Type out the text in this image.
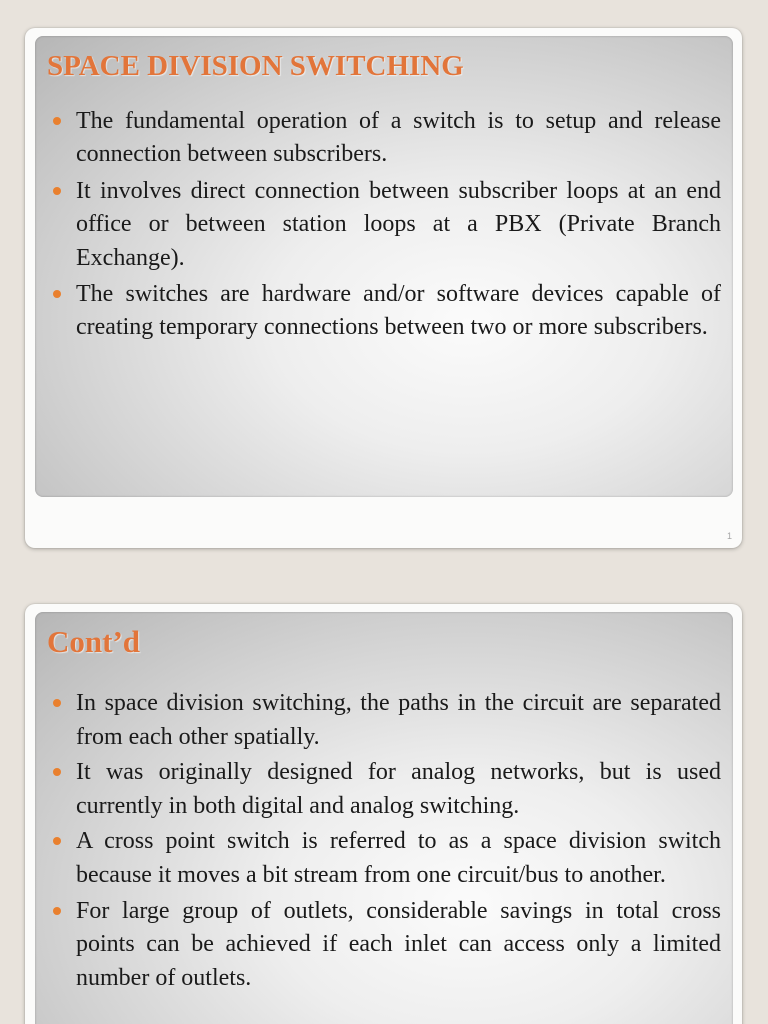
SPACE DIVISION SWITCHING
The fundamental operation of a switch is to setup and release connection between subscribers.
It involves direct connection between subscriber loops at an end office or between station loops at a PBX (Private Branch Exchange).
The switches are hardware and/or software devices capable of creating temporary connections between two or more subscribers.
1
Cont’d
In space division switching, the paths in the circuit are separated from each other spatially.
It was originally designed for analog networks, but is used currently in both digital and analog switching.
A cross point switch is referred to as a space division switch because it moves a bit stream from one circuit/bus to another.
For large group of outlets, considerable savings in total cross points can be achieved if each inlet can access only a limited number of outlets.
